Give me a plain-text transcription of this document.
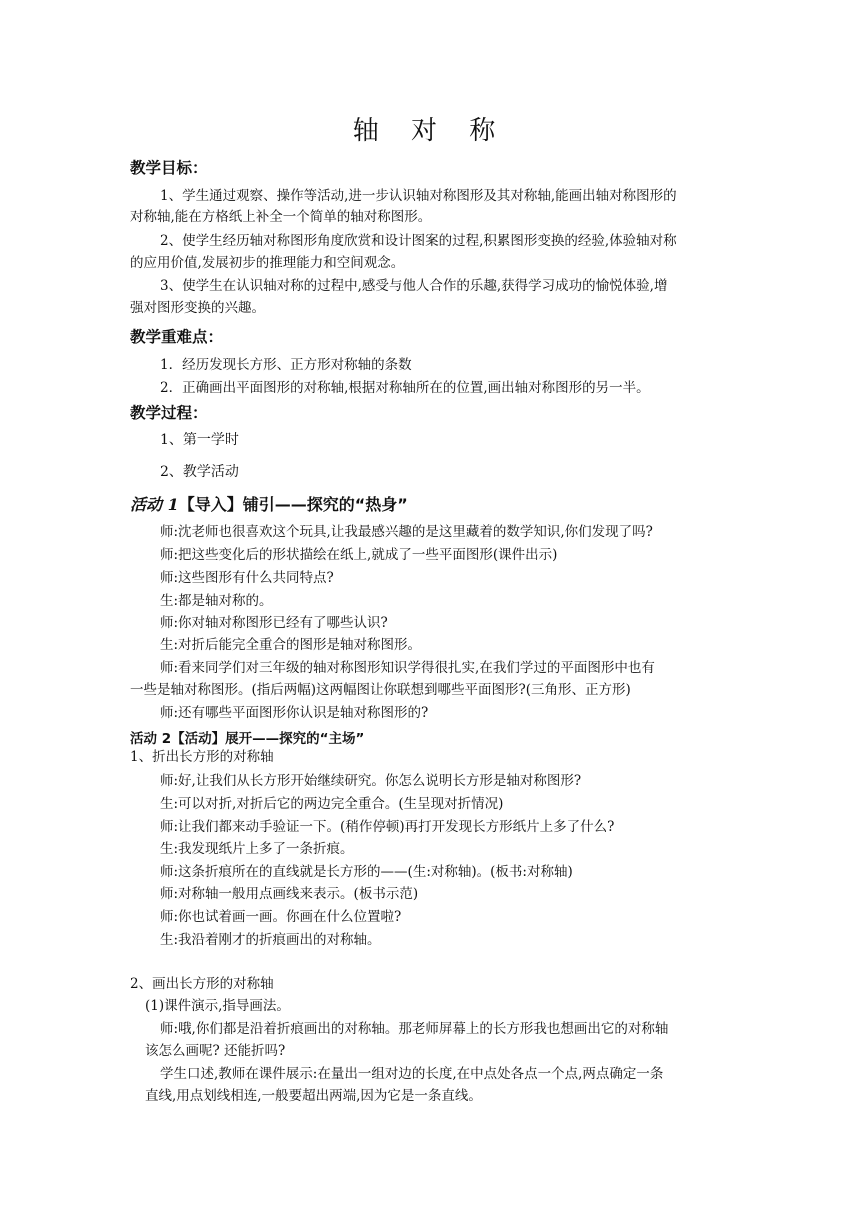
轴 对 称
教学目标：
1、学生通过观察、操作等活动,进一步认识轴对称图形及其对称轴,能画出轴对称图形的
对称轴,能在方格纸上补全一个简单的轴对称图形。
2、使学生经历轴对称图形角度欣赏和设计图案的过程,积累图形变换的经验,体验轴对称
的应用价值,发展初步的推理能力和空间观念。
3、使学生在认识轴对称的过程中,感受与他人合作的乐趣,获得学习成功的愉悦体验,增
强对图形变换的兴趣。
教学重难点：
1．经历发现长方形、正方形对称轴的条数
2．正确画出平面图形的对称轴,根据对称轴所在的位置,画出轴对称图形的另一半。
教学过程：
1、第一学时
2、教学活动
活动 1【导入】铺引——探究的“热身”
师:沈老师也很喜欢这个玩具,让我最感兴趣的是这里藏着的数学知识,你们发现了吗?
师:把这些变化后的形状描绘在纸上,就成了一些平面图形(课件出示)
师:这些图形有什么共同特点?
生:都是轴对称的。
师:你对轴对称图形已经有了哪些认识?
生:对折后能完全重合的图形是轴对称图形。
师:看来同学们对三年级的轴对称图形知识学得很扎实,在我们学过的平面图形中也有
一些是轴对称图形。(指后两幅)这两幅图让你联想到哪些平面图形?(三角形、正方形)
师:还有哪些平面图形你认识是轴对称图形的?
活动 2【活动】展开——探究的“主场”
1、折出长方形的对称轴
师:好,让我们从长方形开始继续研究。你怎么说明长方形是轴对称图形?
生:可以对折,对折后它的两边完全重合。(生呈现对折情况)
师:让我们都来动手验证一下。(稍作停顿)再打开发现长方形纸片上多了什么?
生:我发现纸片上多了一条折痕。
师:这条折痕所在的直线就是长方形的——(生:对称轴)。(板书:对称轴)
师:对称轴一般用点画线来表示。(板书示范)
师:你也试着画一画。你画在什么位置啦?
生:我沿着刚才的折痕画出的对称轴。
2、画出长方形的对称轴
(1)课件演示,指导画法。
师:哦,你们都是沿着折痕画出的对称轴。那老师屏幕上的长方形我也想画出它的对称轴
该怎么画呢? 还能折吗?
学生口述,教师在课件展示:在量出一组对边的长度,在中点处各点一个点,两点确定一条
直线,用点划线相连,一般要超出两端,因为它是一条直线。
